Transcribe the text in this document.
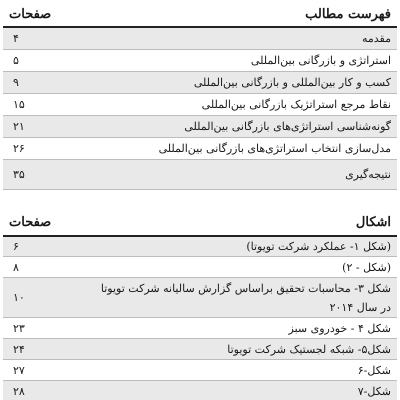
فهرست مطالب	صفحات
مقدمه	۴
استراتژی و بازرگانی بین‌المللی	۵
کسب و کار بین‌المللی و بازرگانی بین‌المللی	۹
نقاط مرجع استراتژیک بازرگانی بین‌المللی	۱۵
گونه‌شناسی استراتژی‌های بازرگانی بین‌المللی	۲۱
مدل‌سازی انتخاب استراتژی‌های بازرگانی بین‌المللی	۲۶
نتیجه‌گیری	۳۵
اشکال	صفحات
(شکل ۱- عملکرد شرکت تویوتا)	۶
(شکل - ۲)	۸
شکل ۳- محاسبات تحقیق براساس گزارش سالیانه شرکت تویوتا در سال ۲۰۱۴	۱۰
شکل ۴ - خودروی سبز	۲۳
شکل۵- شبکه لجستیک شرکت تویوتا	۲۴
شکل-۶	۲۷
شکل-۷	۲۸
